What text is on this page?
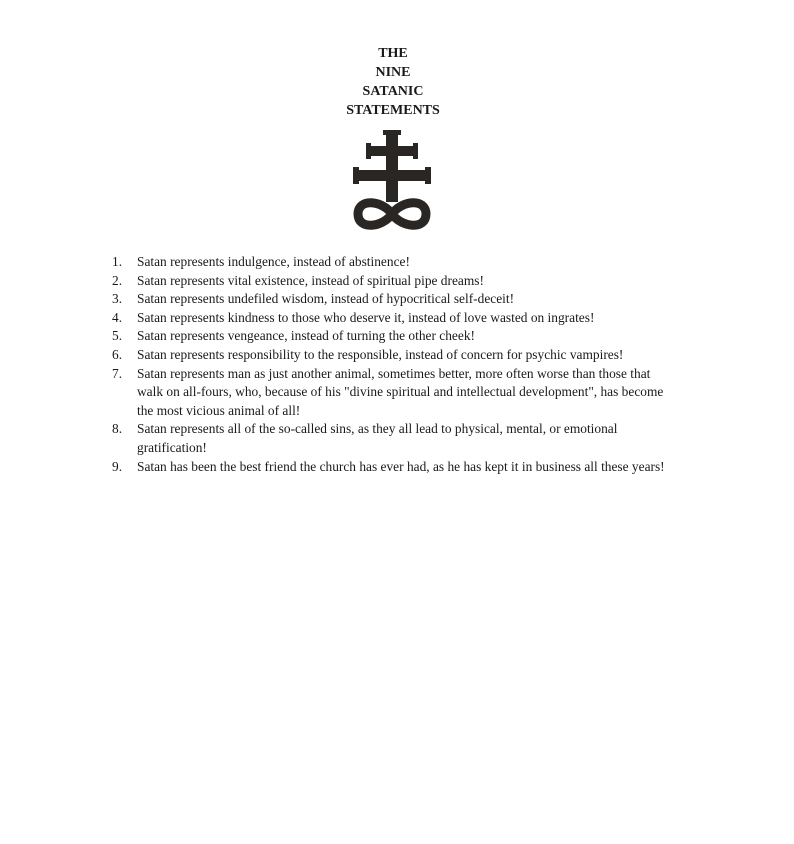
THE
NINE
SATANIC
STATEMENTS
1.	Satan represents indulgence, instead of abstinence!
2.	Satan represents vital existence, instead of spiritual pipe dreams!
3.	Satan represents undefiled wisdom, instead of hypocritical self-deceit!
4.	Satan represents kindness to those who deserve it, instead of love wasted on ingrates!
5.	Satan represents vengeance, instead of turning the other cheek!
6.	Satan represents responsibility to the responsible, instead of concern for psychic vampires!
7.	Satan represents man as just another animal, sometimes better, more often worse than those that walk on all-fours, who, because of his "divine spiritual and intellectual development", has become the most vicious animal of all!
8.	Satan represents all of the so-called sins, as they all lead to physical, mental, or emotional gratification!
9.	Satan has been the best friend the church has ever had, as he has kept it in business all these years!
